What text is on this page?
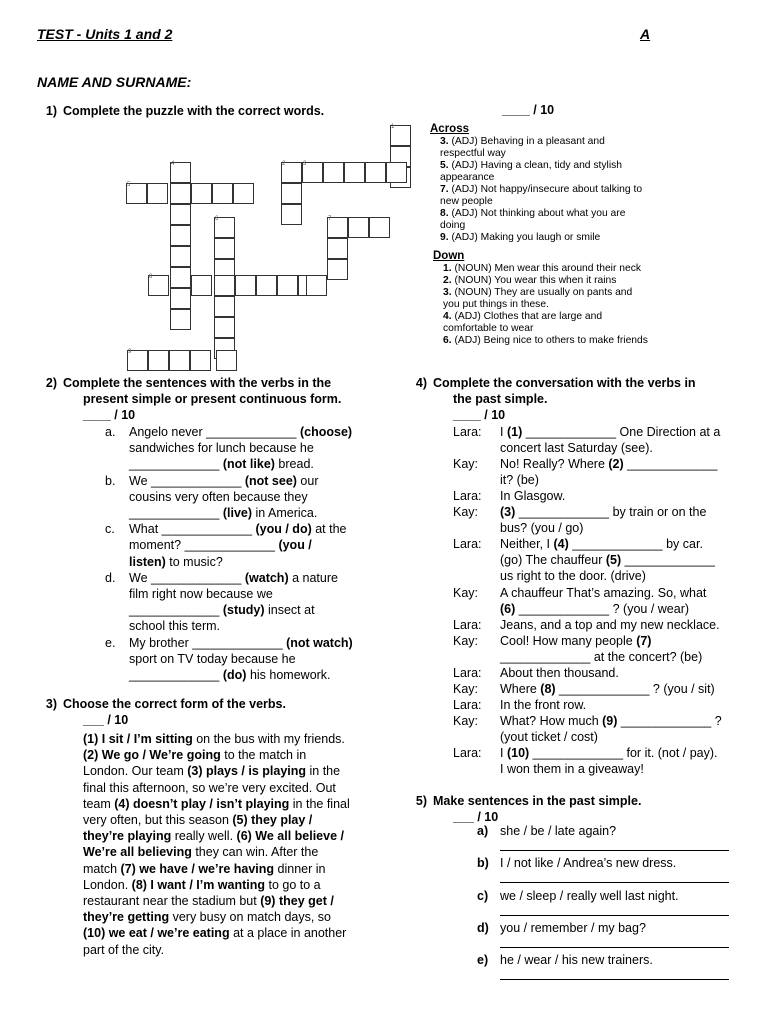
TEST - Units 1 and 2	A
NAME AND SURNAME:
1) Complete the puzzle with the correct words.	____ / 10
1
2	3
4
5
6	7
8
9
Across
3. (ADJ) Behaving in a pleasant and respectful way
5. (ADJ) Having a clean, tidy and stylish appearance
7. (ADJ) Not happy/insecure about talking to new people
8. (ADJ) Not thinking about what you are doing
9. (ADJ) Making you laugh or smile
Down
1. (NOUN) Men wear this around their neck
2. (NOUN) You wear this when it rains
3. (NOUN) They are usually on pants and you put things in these.
4. (ADJ) Clothes that are large and comfortable to wear
6. (ADJ) Being nice to others to make friends
2) Complete the sentences with the verbs in the
present simple or present continuous form.
____ / 10
a. Angelo never _____________ (choose)
sandwiches for lunch because he
_____________ (not like) bread.
b. We _____________ (not see) our
cousins very often because they
_____________ (live) in America.
c. What _____________ (you / do) at the
moment? _____________ (you /
listen) to music?
d. We _____________ (watch) a nature
film right now because we
_____________ (study) insect at
school this term.
e. My brother _____________ (not watch)
sport on TV today because he
_____________ (do) his homework.
3) Choose the correct form of the verbs.
___ / 10
(1) I sit / I’m sitting on the bus with my friends.
(2) We go / We’re going to the match in
London. Our team (3) plays / is playing in the
final this afternoon, so we’re very excited. Out
team (4) doesn’t play / isn’t playing in the final
very often, but this season (5) they play /
they’re playing really well. (6) We all believe /
We’re all believing they can win. After the
match (7) we have / we’re having dinner in
London. (8) I want / I’m wanting to go to a
restaurant near the stadium but (9) they get /
they’re getting very busy on match days, so
(10) we eat / we’re eating at a place in another
part of the city.
4) Complete the conversation with the verbs in
the past simple.
____ / 10
Lara: I (1) _____________ One Direction at a
concert last Saturday (see).
Kay: No! Really? Where (2) _____________
it? (be)
Lara: In Glasgow.
Kay: (3) _____________ by train or on the
bus? (you / go)
Lara: Neither, I (4) _____________ by car.
(go) The chauffeur (5) _____________
us right to the door. (drive)
Kay: A chauffeur That’s amazing. So, what
(6) _____________ ? (you / wear)
Lara: Jeans, and a top and my new necklace.
Kay: Cool! How many people (7)
_____________ at the concert? (be)
Lara: About then thousand.
Kay: Where (8) _____________ ? (you / sit)
Lara: In the front row.
Kay: What? How much (9) _____________ ?
(yout ticket / cost)
Lara: I (10) _____________ for it. (not / pay).
I won them in a giveaway!
5) Make sentences in the past simple.
___ / 10
a) she / be / late again?
b) I / not like / Andrea’s new dress.
c) we / sleep / really well last night.
d) you / remember / my bag?
e) he / wear / his new trainers.
